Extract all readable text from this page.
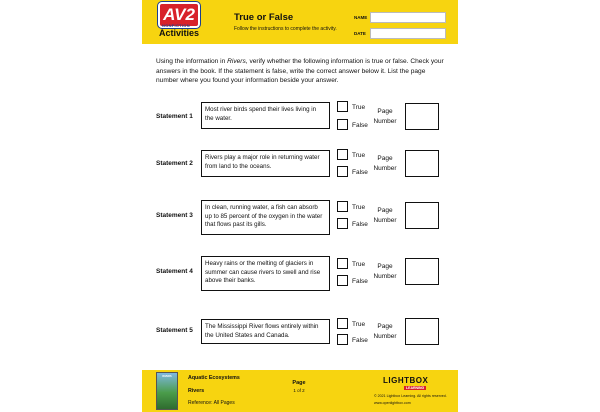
AV2
NONFICTION
Activities
True or False
Follow the instructions to complete the activity.
NAME
DATE
Using the information in Rivers, verify whether the following information is true or false. Check your answers in the book. If the statement is false, write the correct answer below it. List the page number where you found your information beside your answer.
Statement 1
Most river birds spend their lives living in the water.
True
False
Page
Number
Statement 2
Rivers play a major role in returning water from land to the oceans.
True
False
Page
Number
Statement 3
In clean, running water, a fish can absorb up to 85 percent of the oxygen in the water that flows past its gills.
True
False
Page
Number
Statement 4
Heavy rains or the melting of glaciers in summer can cause rivers to swell and rise above their banks.
True
False
Page
Number
Statement 5
The Mississippi River flows entirely within the United States and Canada.
True
False
Page
Number
RIVERS	Aquatic Ecosystems
Rivers
Reference: All Pages
Page
1 of 2
LIGHTBOX
LEARNING
© 2021 Lightbox Learning. All rights reserved.
www.openlightbox.com
